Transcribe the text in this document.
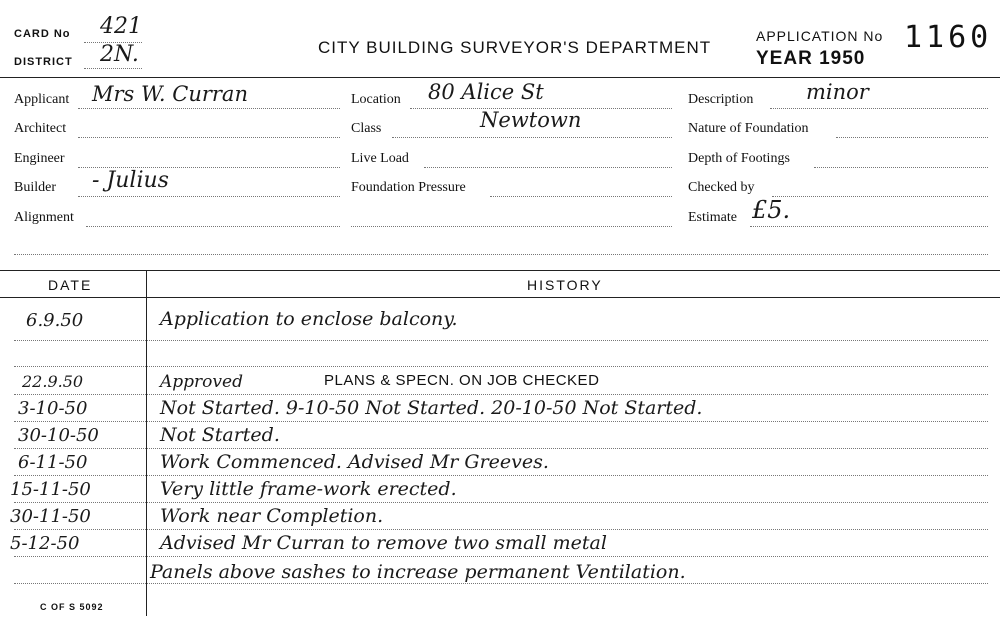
CARD No 421
DISTRICT 2N.	CITY BUILDING SURVEYOR'S DEPARTMENT
APPLICATION No 1160
YEAR 1950
Applicant Mrs W. Curran
Architect
Engineer
Builder - Julius
Alignment
Location 80 Alice St
Class	Newtown
Live Load
Foundation Pressure
Description	minor
Nature of Foundation
Depth of Footings
Checked by
Estimate £5.
DATE	HISTORY
6.9.50	Application to enclose balcony.
22.9.50	Approved	PLANS & SPECN. ON JOB CHECKED
3-10-50	Not Started. 9-10-50 Not Started. 20-10-50 Not Started.
30-10-50	Not Started.
6-11-50	Work Commenced. Advised Mr Greeves.
15-11-50	Very little frame-work erected.
30-11-50	Work near Completion.
5-12-50	Advised Mr Curran to remove two small metal
Panels above sashes to increase permanent Ventilation.
C OF S 5092
